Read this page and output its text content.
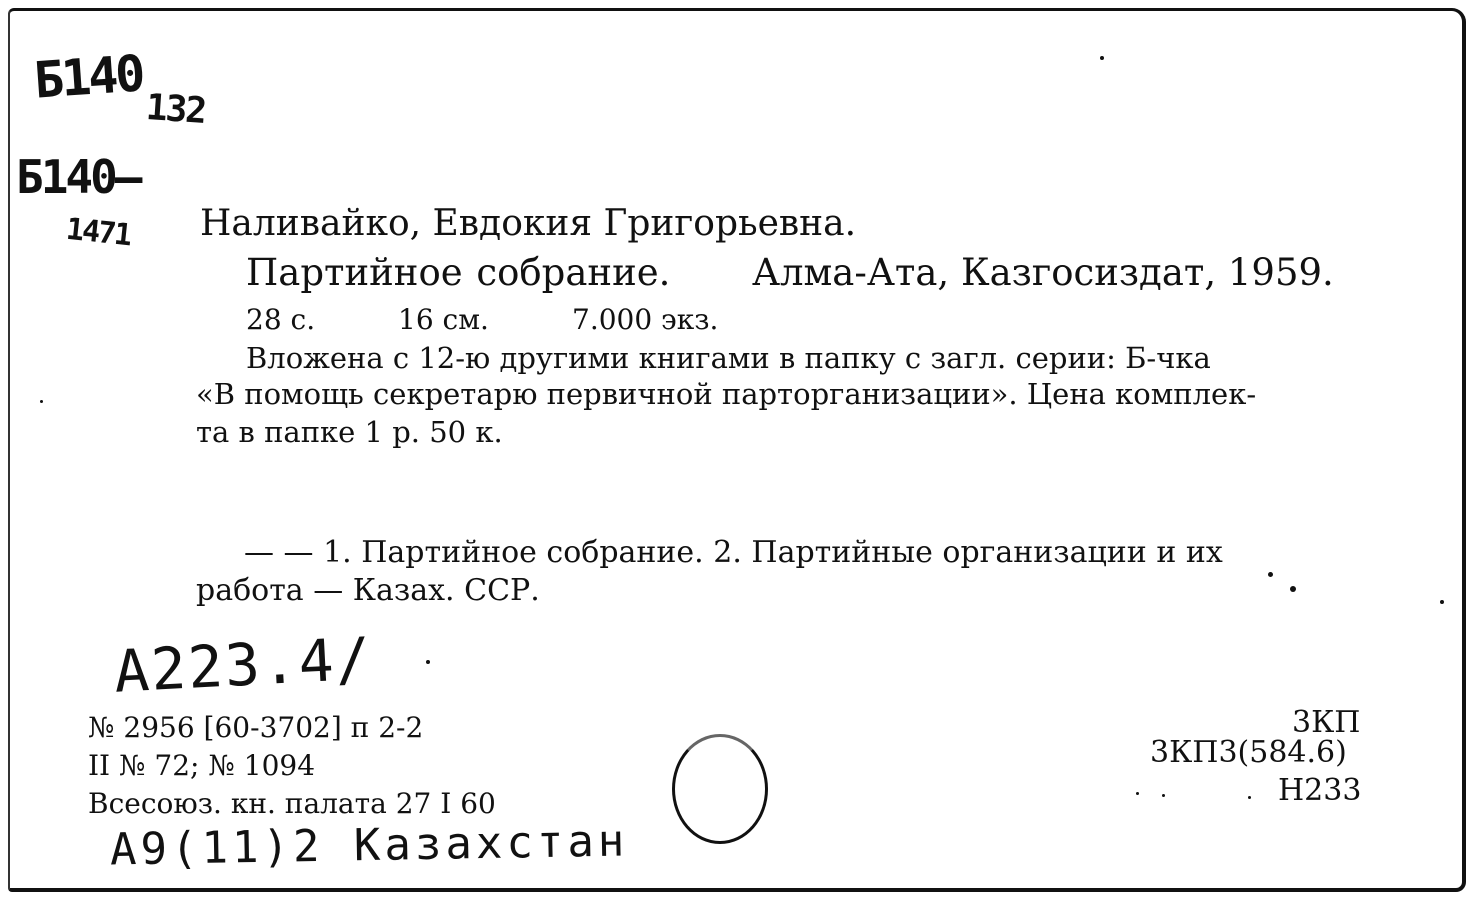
Б140 132
Б140—
1471 Наливайко, Евдокия Григорьевна.
Партийное собрание. Алма-Ата, Казгосиздат, 1959.
28 с.	16 см.	7.000 экз.
Вложена с 12-ю другими книгами в папку с загл. серии: Б-чка
«В помощь секретарю первичной парторганизации». Цена комплек-
та в папке 1 р. 50 к.
— — 1. Партийное собрание. 2. Партийные организации и их
работа — Казах. ССР.
А223.4/
№ 2956 [60-3702] п 2-2
II № 72; № 1094
Всесоюз. кн. палата 27 I 60
3КП
3КП3(584.6)
Н233
А9(11)2 Казахстан
